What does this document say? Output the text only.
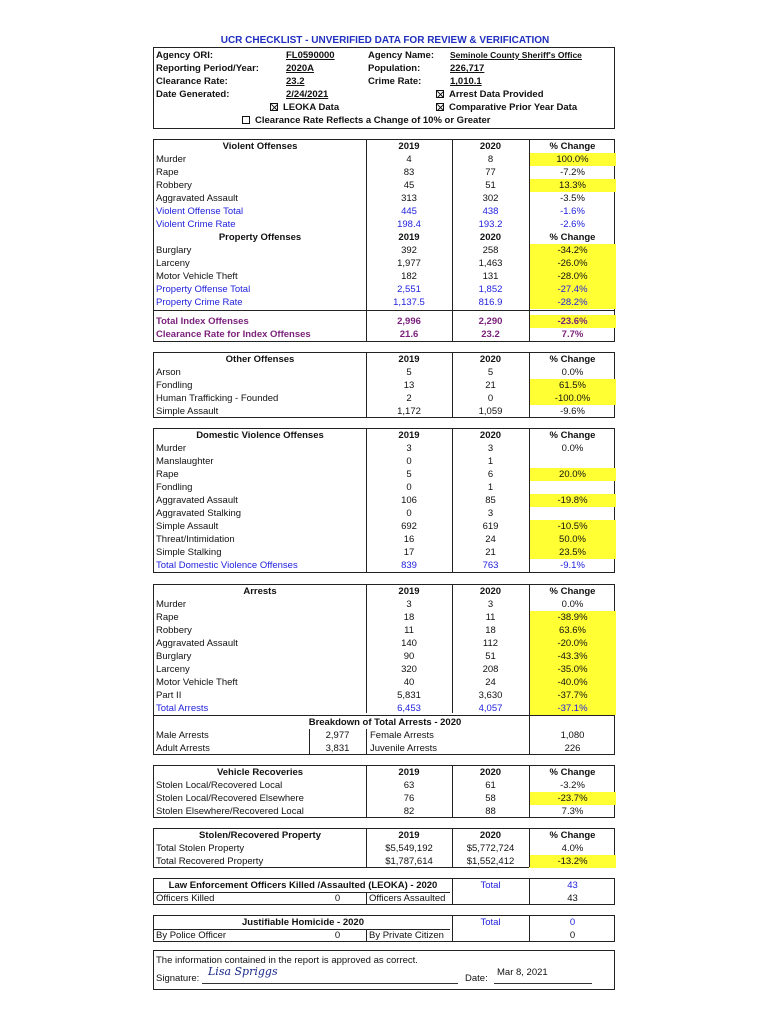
UCR CHECKLIST - UNVERIFIED DATA FOR REVIEW & VERIFICATION
Agency ORI:	FL0590000	Agency Name: Seminole County Sheriff's Office
Reporting Period/Year:	2020A	Population:	226,717
Clearance Rate:	23.2	Crime Rate:	1,010.1
Date Generated:	2/24/2021	Arrest Data Provided
LEOKA Data	Comparative Prior Year Data
Clearance Rate Reflects a Change of 10% or Greater
Violent Offenses	2019	2020	% Change
Murder	4	8	100.0%
Rape	83	77	-7.2%
Robbery	45	51	13.3%
Aggravated Assault	313	302	-3.5%
Violent Offense Total	445	438	-1.6%
Violent Crime Rate	198.4	193.2	-2.6%
Property Offenses	2019	2020	% Change
Burglary	392	258	-34.2%
Larceny	1,977	1,463	-26.0%
Motor Vehicle Theft	182	131	-28.0%
Property Offense Total	2,551	1,852	-27.4%
Property Crime Rate	1,137.5	816.9	-28.2%
Total Index Offenses	2,996	2,290	-23.6%
Clearance Rate for Index Offenses	21.6	23.2	7.7%
Other Offenses	2019	2020	% Change
Arson	5	5	0.0%
Fondling	13	21	61.5%
Human Trafficking - Founded	2	0	-100.0%
Simple Assault	1,172	1,059	-9.6%
Domestic Violence Offenses	2019	2020	% Change
Murder	3	3	0.0%
Manslaughter	0	1
Rape	5	6	20.0%
Fondling	0	1
Aggravated Assault	106	85	-19.8%
Aggravated Stalking	0	3
Simple Assault	692	619	-10.5%
Threat/Intimidation	16	24	50.0%
Simple Stalking	17	21	23.5%
Total Domestic Violence Offenses	839	763	-9.1%
Arrests	2019	2020	% Change
Murder	3	3	0.0%
Rape	18	11	-38.9%
Robbery	11	18	63.6%
Aggravated Assault	140	112	-20.0%
Burglary	90	51	-43.3%
Larceny	320	208	-35.0%
Motor Vehicle Theft	40	24	-40.0%
Part II	5,831	3,630	-37.7%
Total Arrests	6,453	4,057	-37.1%
Breakdown of Total Arrests - 2020
Male Arrests	2,977	Female Arrests	1,080
Adult Arrests	3,831	Juvenile Arrests	226
Vehicle Recoveries	2019	2020	% Change
Stolen Local/Recovered Local	63	61	-3.2%
Stolen Local/Recovered Elsewhere	76	58	-23.7%
Stolen Elsewhere/Recovered Local	82	88	7.3%
Stolen/Recovered Property	2019	2020	% Change
Total Stolen Property	$5,549,192	$5,772,724	4.0%
Total Recovered Property	$1,787,614	$1,552,412	-13.2%
Law Enforcement Officers Killed /Assaulted (LEOKA) - 2020	Total	43
Officers Killed	0	Officers Assaulted	43
Justifiable Homicide - 2020	Total	0
By Police Officer	0	By Private Citizen	0
The information contained in the report is approved as correct.
Signature:
Lisa Spriggs
Date:
Mar 8, 2021
